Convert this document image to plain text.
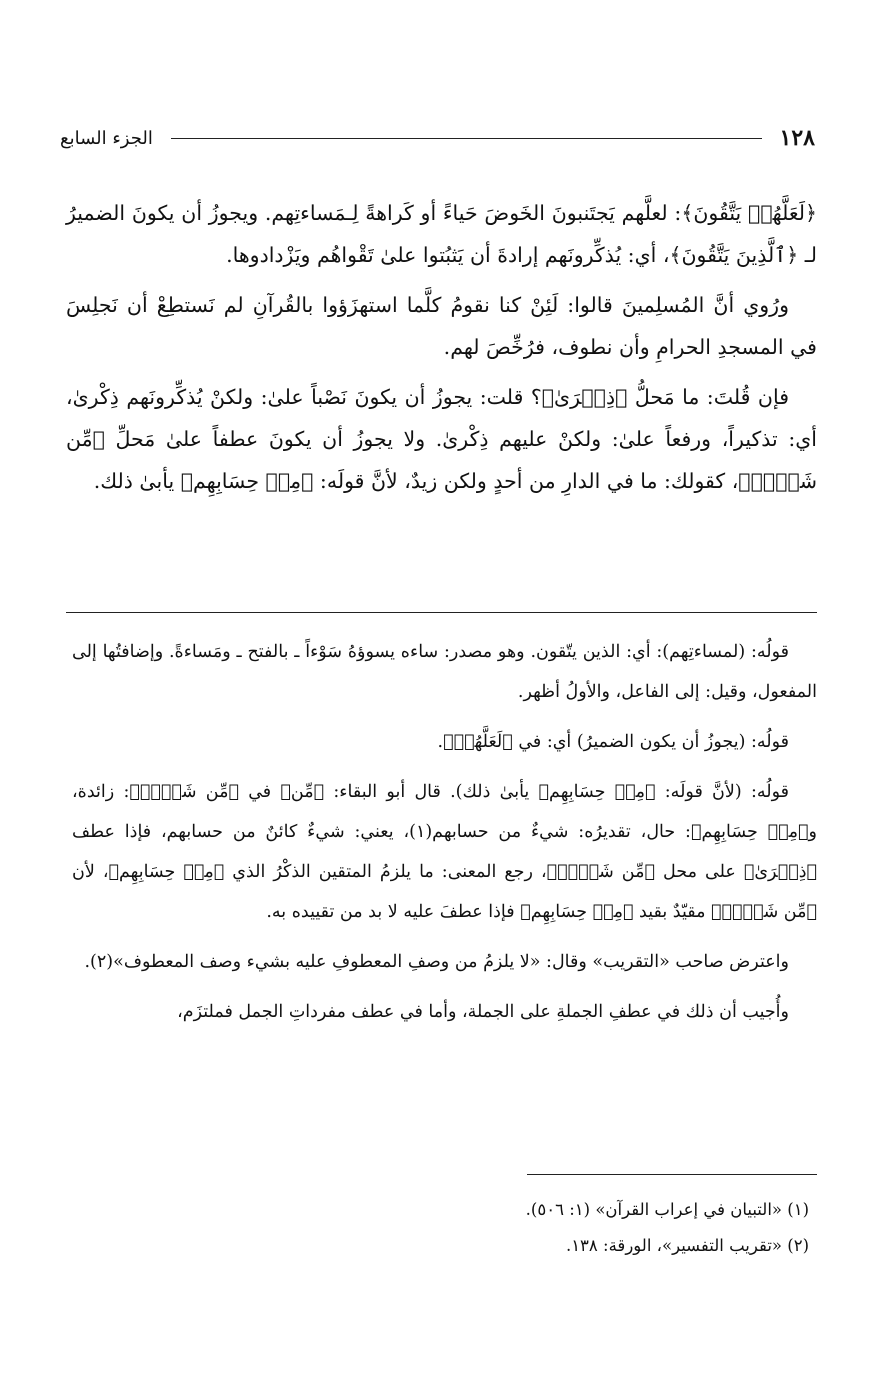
١٢٨
الجزء السابع

﴿لَعَلَّهُمۡ يَتَّقُونَ﴾: لعلَّهم يَجتَنبونَ الخَوضَ حَياءً أو كَراهةً لِـمَساءتِهم. ويجوزُ أن يكونَ الضميرُ لـ ﴿ٱلَّذِينَ يَتَّقُونَ﴾، أي: يُذكِّرونَهم إرادةَ أن يَثبُتوا علىٰ تَقْواهُم ويَزْدادوها.

ورُوي أنَّ المُسلِمينَ قالوا: لَئِنْ كنا نقومُ كلَّما استهزَؤوا بالقُرآنِ لم نَستطِعْ أن نَجلِسَ في المسجدِ الحرامِ وأن نطوف، فرُخِّصَ لهم.

فإن قُلتَ: ما مَحلُّ ﴿ذِكۡرَىٰ﴾؟ قلت: يجوزُ أن يكونَ نَصْباً علىٰ: ولكنْ يُذكِّرونَهم ذِكْرىٰ، أي: تذكيراً، ورفعاً علىٰ: ولكنْ عليهم ذِكْرىٰ. ولا يجوزُ أن يكونَ عطفاً علىٰ مَحلِّ ﴿مِّن شَيۡءٖ﴾، كقولك: ما في الدارِ من أحدٍ ولكن زيدٌ، لأنَّ قولَه: ﴿مِنۡ حِسَابِهِم﴾ يأبىٰ ذلك.

قولُه: (لمساءتِهم): أي: الذين يتّقون. وهو مصدر: ساءه يسوؤهُ سَوْءاً ـ بالفتح ـ ومَساءةً. وإضافتُها إلى المفعول، وقيل: إلى الفاعل، والأولُ أظهر.

قولُه: (يجوزُ أن يكون الضميرُ) أي: في ﴿لَعَلَّهُمۡ﴾.

قولُه: (لأنَّ قولَه: ﴿مِنۡ حِسَابِهِم﴾ يأبىٰ ذلك). قال أبو البقاء: ﴿مِّن﴾ في ﴿مِّن شَيۡءٖ﴾: زائدة، و﴿مِنۡ حِسَابِهِم﴾: حال، تقديرُه: شيءٌ من حسابهم(١)، يعني: شيءٌ كائنٌ من حسابهم، فإذا عطف ﴿ذِكۡرَىٰ﴾ على محل ﴿مِّن شَيۡءٖ﴾، رجع المعنى: ما يلزمُ المتقين الذكْرُ الذي ﴿مِنۡ حِسَابِهِم﴾، لأن ﴿مِّن شَيۡءٖ﴾ مقيّدٌ بقيد ﴿مِنۡ حِسَابِهِم﴾ فإذا عطفَ عليه لا بد من تقييده به.

واعترض صاحب «التقريب» وقال: «لا يلزمُ من وصفِ المعطوفِ عليه بشيء وصف المعطوف»(٢).

وأُجيب أن ذلك في عطفِ الجملةِ على الجملة، وأما في عطف مفرداتِ الجمل فملتزَم،

(١) «التبيان في إعراب القرآن» (١: ٥٠٦).

(٢) «تقريب التفسير»، الورقة: ١٣٨.
